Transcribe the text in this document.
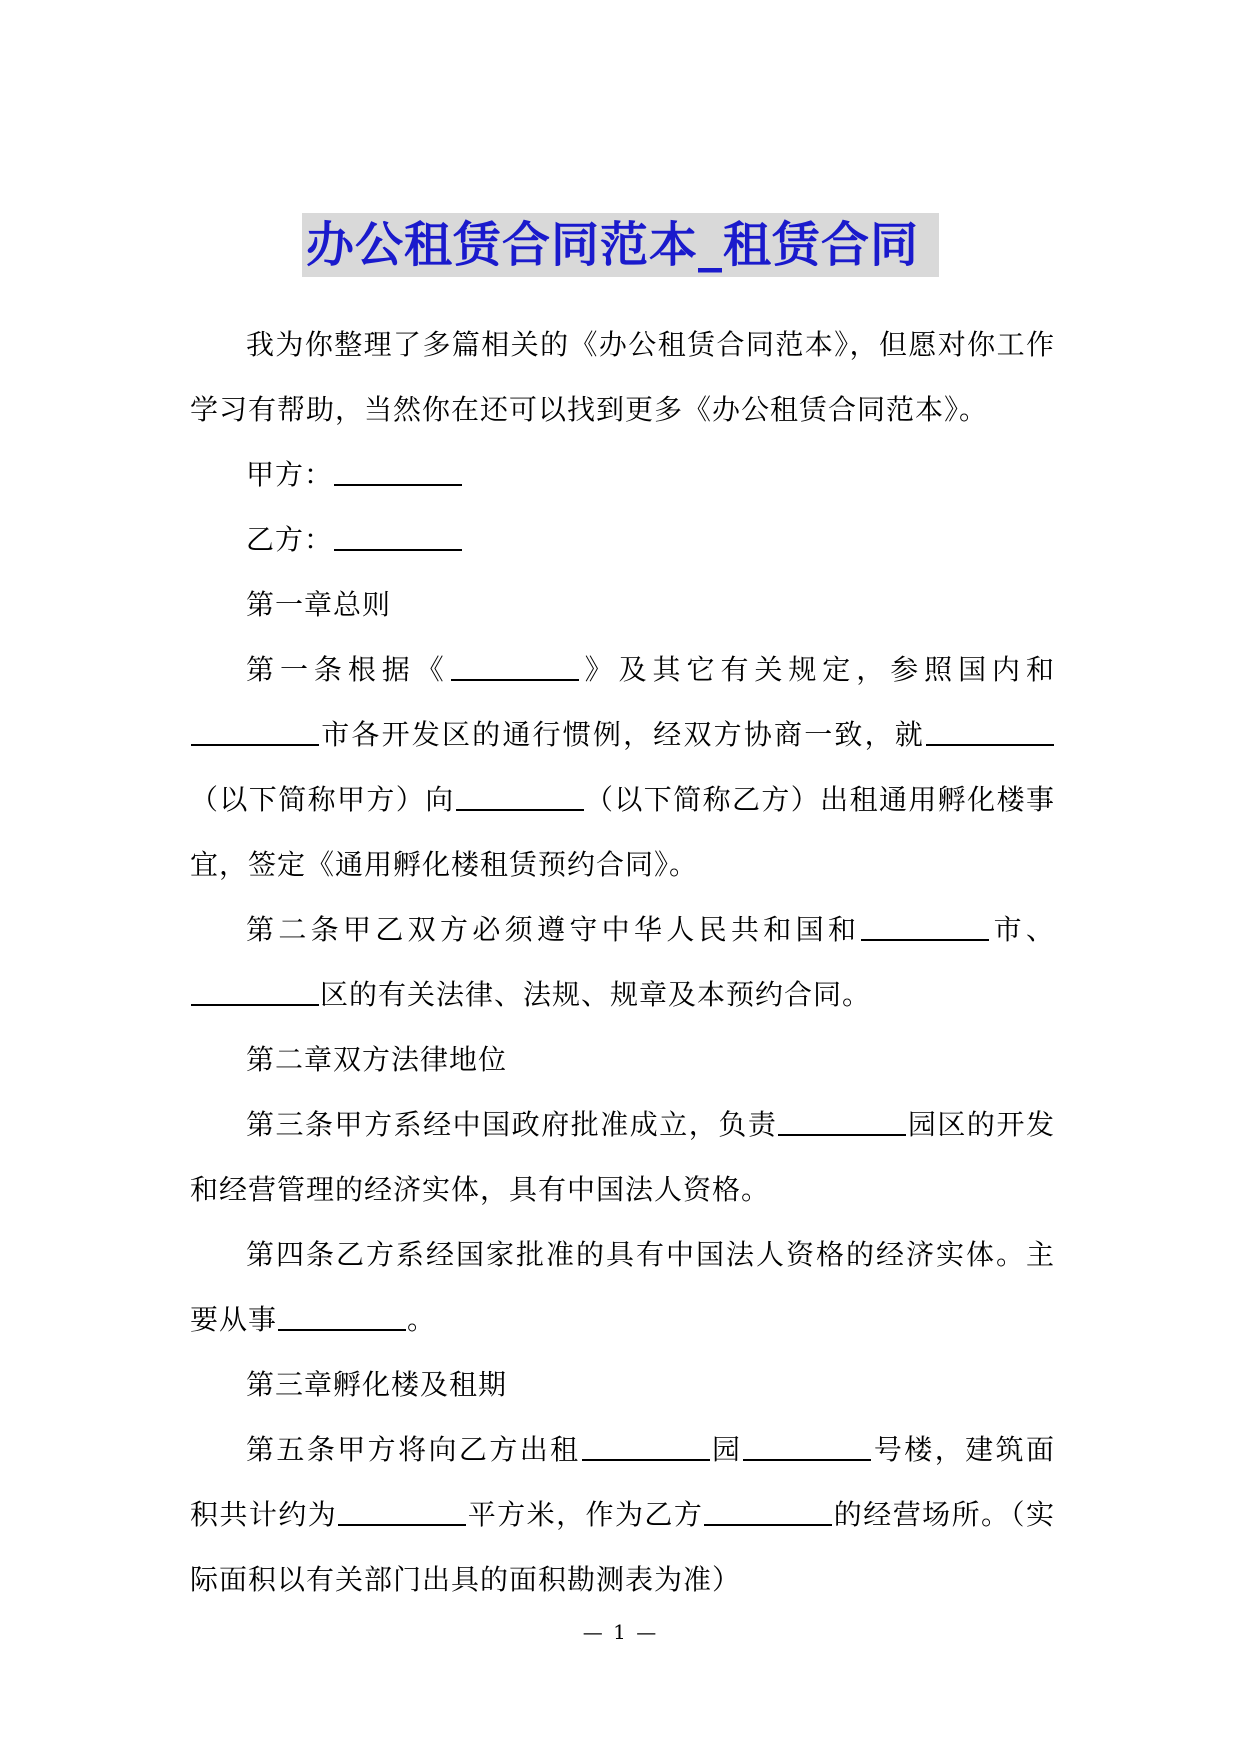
办公租赁合同范本_租赁合同

我为你整理了多篇相关的《办公租赁合同范本》，但愿对你工作学习有帮助，当然你在还可以找到更多《办公租赁合同范本》。

甲方：

乙方：

第一章总则

第一条根据《	》及其它有关规定，参照国内和市各开发区的通行惯例，经双方协商一致，就（以下简称甲方）向	（以下简称乙方）出租通用孵化楼事宜，签定《通用孵化楼租赁预约合同》。

第二条甲乙双方必须遵守中华人民共和国和	市、区的有关法律、法规、规章及本预约合同。

第二章双方法律地位

第三条甲方系经中国政府批准成立，负责	园区的开发和经营管理的经济实体，具有中国法人资格。

第四条乙方系经国家批准的具有中国法人资格的经济实体。主要从事	。

第三章孵化楼及租期

第五条甲方将向乙方出租	园	号楼，建筑面积共计约为	平方米，作为乙方	的经营场所。（实际面积以有关部门出具的面积勘测表为准）

— 1 —
